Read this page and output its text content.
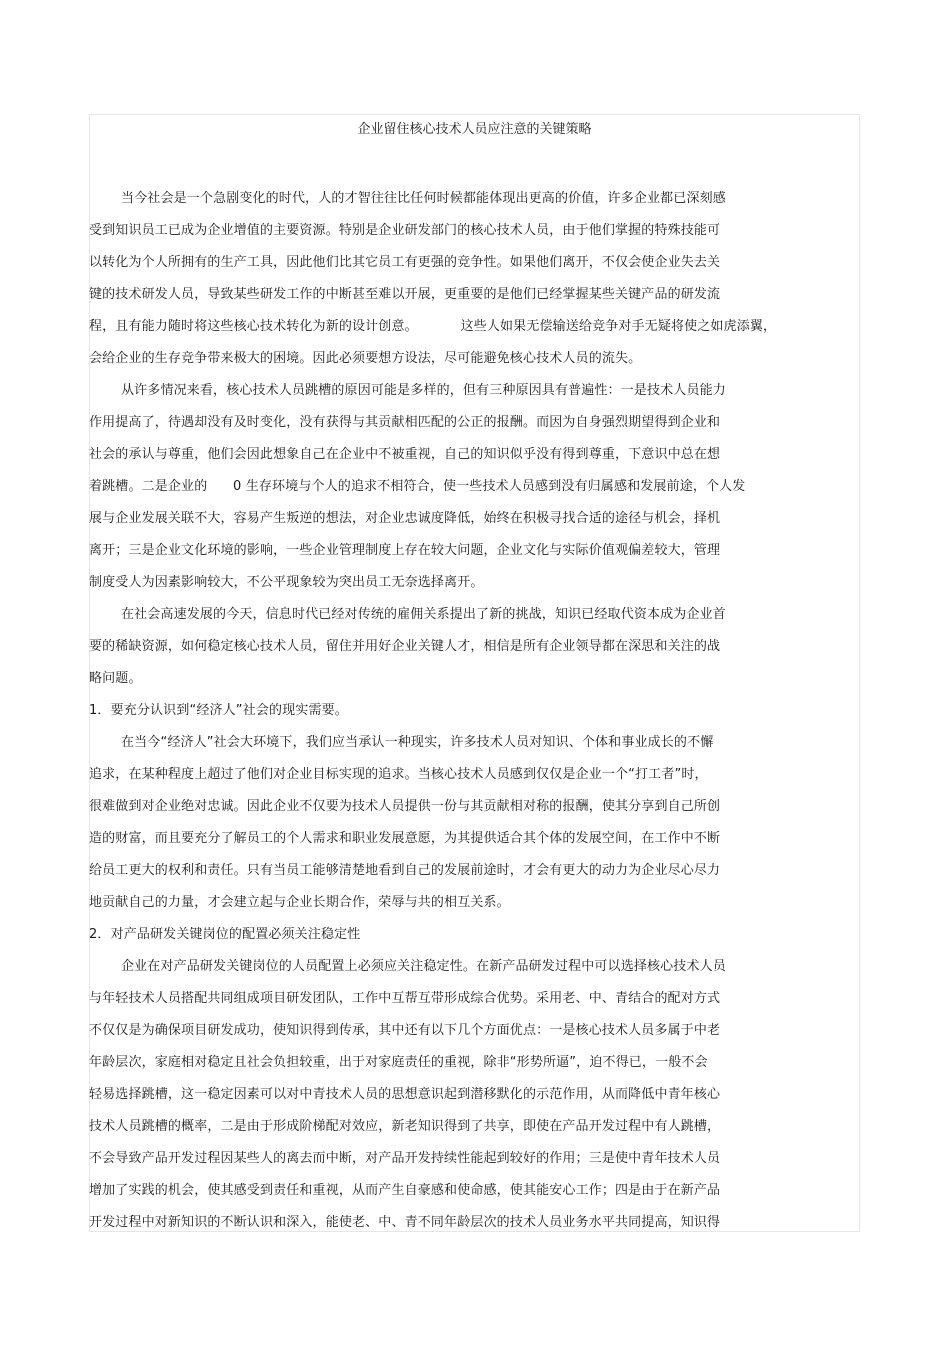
企业留住核心技术人员应注意的关键策略
当今社会是一个急剧变化的时代，人的才智往往比任何时候都能体现出更高的价值，许多企业都已深刻感
受到知识员工已成为企业增值的主要资源。特别是企业研发部门的核心技术人员，由于他们掌握的特殊技能可
以转化为个人所拥有的生产工具，因此他们比其它员工有更强的竞争性。如果他们离开，不仅会使企业失去关
键的技术研发人员，导致某些研发工作的中断甚至难以开展，更重要的是他们已经掌握某些关键产品的研发流
程，且有能力随时将这些核心技术转化为新的设计创意。          这些人如果无偿输送给竞争对手无疑将使之如虎添翼，
会给企业的生存竞争带来极大的困境。因此必须要想方设法，尽可能避免核心技术人员的流失。
从许多情况来看，核心技术人员跳槽的原因可能是多样的，但有三种原因具有普遍性：一是技术人员能力
作用提高了，待遇却没有及时变化，没有获得与其贡献相匹配的公正的报酬。而因为自身强烈期望得到企业和
社会的承认与尊重，他们会因此想象自己在企业中不被重视，自己的知识似乎没有得到尊重，下意识中总在想
着跳槽。二是企业的      0 生存环境与个人的追求不相符合，使一些技术人员感到没有归属感和发展前途，个人发
展与企业发展关联不大，容易产生叛逆的想法，对企业忠诚度降低，始终在积极寻找合适的途径与机会，择机
离开；三是企业文化环境的影响，一些企业管理制度上存在较大问题，企业文化与实际价值观偏差较大，管理
制度受人为因素影响较大，不公平现象较为突出员工无奈选择离开。
在社会高速发展的今天，信息时代已经对传统的雇佣关系提出了新的挑战，知识已经取代资本成为企业首
要的稀缺资源，如何稳定核心技术人员，留住并用好企业关键人才，相信是所有企业领导都在深思和关注的战
略问题。
1．要充分认识到“经济人”社会的现实需要。
在当今“经济人”社会大环境下，我们应当承认一种现实，许多技术人员对知识、个体和事业成长的不懈
追求，在某种程度上超过了他们对企业目标实现的追求。当核心技术人员感到仅仅是企业一个“打工者”时，
很难做到对企业绝对忠诚。因此企业不仅要为技术人员提供一份与其贡献相对称的报酬，使其分享到自己所创
造的财富，而且要充分了解员工的个人需求和职业发展意愿，为其提供适合其个体的发展空间，在工作中不断
给员工更大的权利和责任。只有当员工能够清楚地看到自己的发展前途时，才会有更大的动力为企业尽心尽力
地贡献自己的力量，才会建立起与企业长期合作，荣辱与共的相互关系。
2．对产品研发关键岗位的配置必须关注稳定性
企业在对产品研发关键岗位的人员配置上必须应关注稳定性。在新产品研发过程中可以选择核心技术人员
与年轻技术人员搭配共同组成项目研发团队，工作中互帮互带形成综合优势。采用老、中、青结合的配对方式
不仅仅是为确保项目研发成功，使知识得到传承，其中还有以下几个方面优点：一是核心技术人员多属于中老
年龄层次，家庭相对稳定且社会负担较重，出于对家庭责任的重视，除非“形势所逼”，迫不得已，一般不会
轻易选择跳槽，这一稳定因素可以对中青技术人员的思想意识起到潜移默化的示范作用，从而降低中青年核心
技术人员跳槽的概率，二是由于形成阶梯配对效应，新老知识得到了共享，即使在产品开发过程中有人跳槽，
不会导致产品开发过程因某些人的离去而中断，对产品开发持续性能起到较好的作用；三是使中青年技术人员
增加了实践的机会，使其感受到责任和重视，从而产生自豪感和使命感，使其能安心工作；四是由于在新产品
开发过程中对新知识的不断认识和深入，能使老、中、青不同年龄层次的技术人员业务水平共同提高，知识得
